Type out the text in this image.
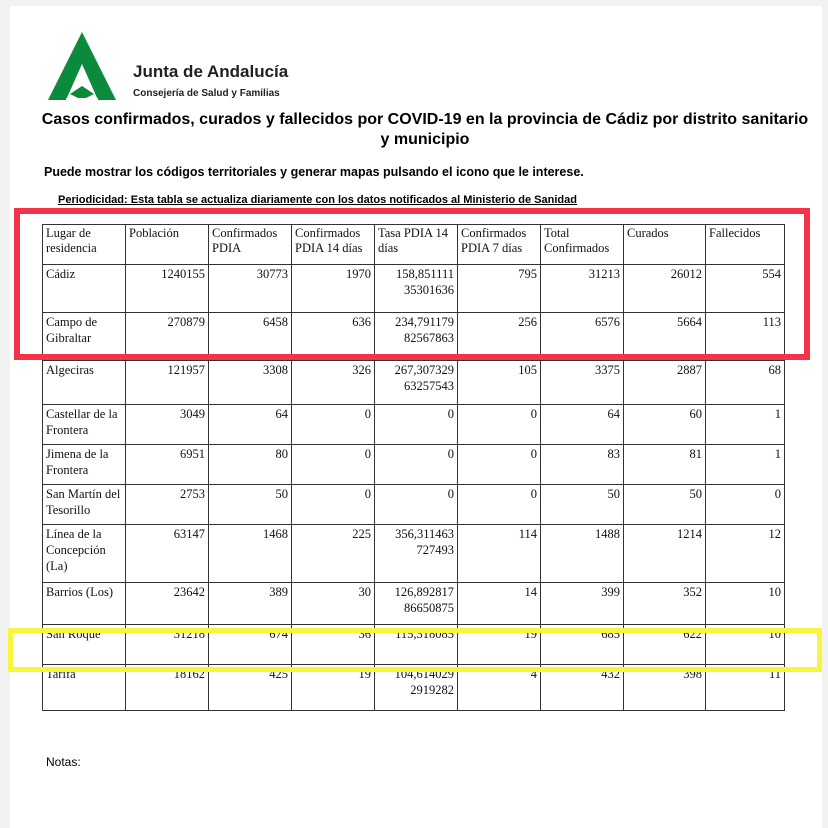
Junta de Andalucía
Consejería de Salud y Familias
Casos confirmados, curados y fallecidos por COVID-19 en la provincia de Cádiz por distrito sanitario y municipio
Puede mostrar los códigos territoriales y generar mapas pulsando el icono que le interese.
Periodicidad: Esta tabla se actualiza diariamente con los datos notificados al Ministerio de Sanidad
Lugar de residencia	Población	Confirmados PDIA	Confirmados PDIA 14 días	Tasa PDIA 14 días	Confirmados PDIA 7 días	Total Confirmados	Curados	Fallecidos
Cádiz	1240155	30773	1970	158,851111 35301636	795	31213	26012	554
Campo de Gibraltar	270879	6458	636	234,791179 82567863	256	6576	5664	113
Algeciras	121957	3308	326	267,307329 63257543	105	3375	2887	68
Castellar de la Frontera	3049	64	0	0	0	64	60	1
Jimena de la Frontera	6951	80	0	0	0	83	81	1
San Martín del Tesorillo	2753	50	0	0	0	50	50	0
Línea de la Concepción (La)	63147	1468	225	356,311463 727493	114	1488	1214	12
Barrios (Los)	23642	389	30	126,892817 86650875	14	399	352	10
San Roque	31218	674	36	115,318085	19	685	622	10
Tarifa	18162	425	19	104,614029 2919282	4	432	398	11
Notas:
